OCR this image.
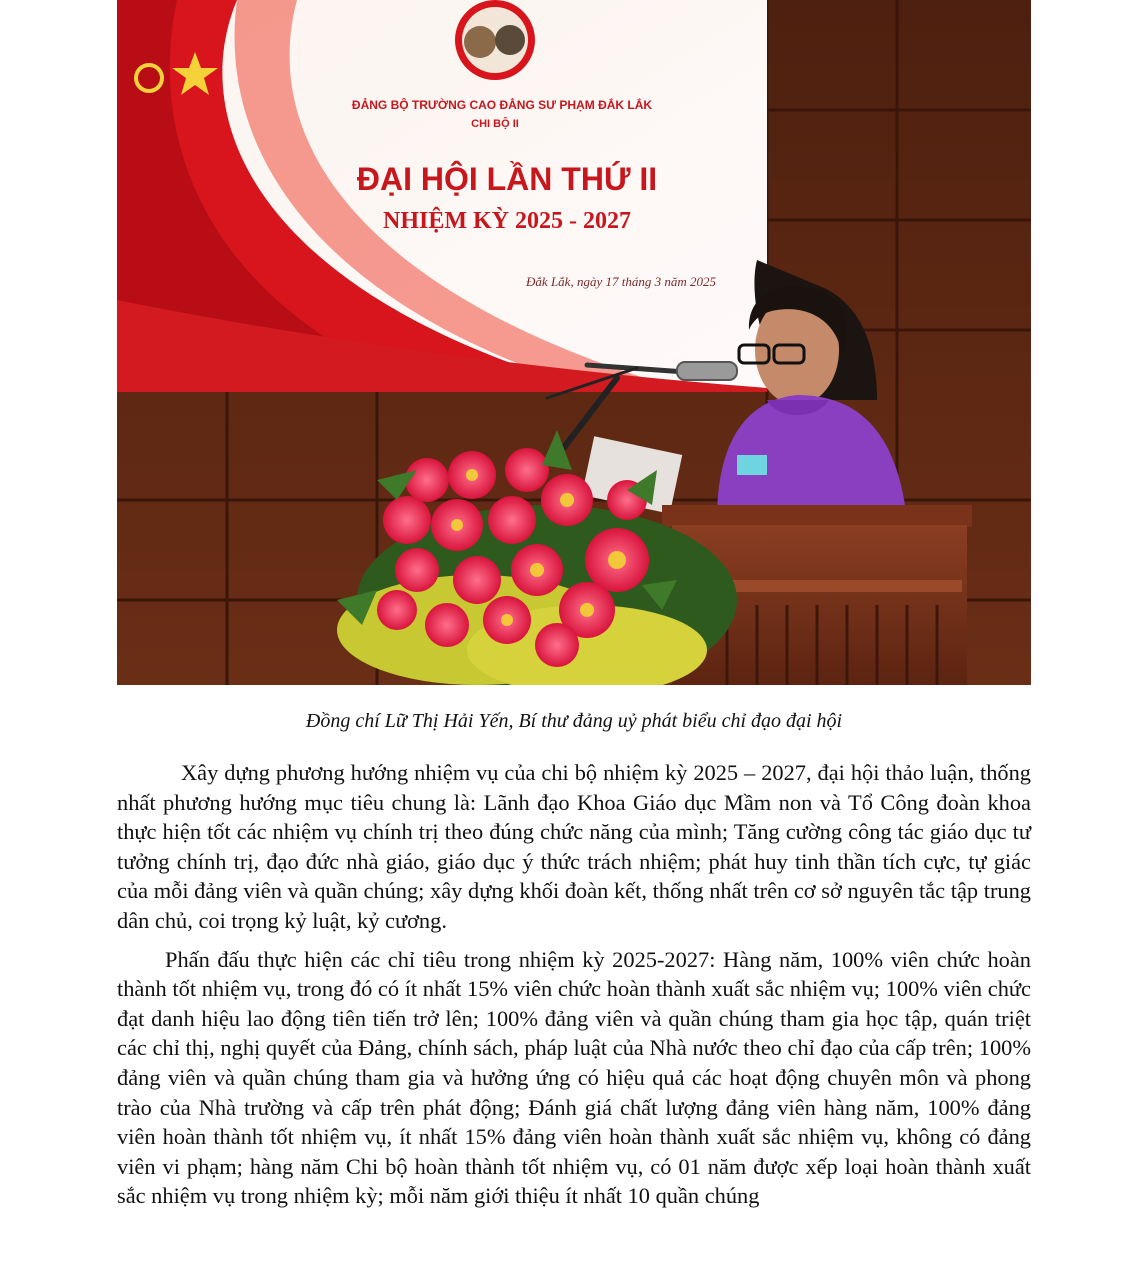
ĐẢNG BỘ TRƯỜNG CAO ĐẲNG SƯ PHẠM ĐẮK LẮK
CHI BỘ II
ĐẠI HỘI LẦN THỨ II
NHIỆM KỲ 2025 - 2027
Đắk Lắk, ngày 17 tháng 3 năm 2025
Đồng chí Lữ Thị Hải Yến, Bí thư đảng uỷ phát biểu chỉ đạo đại hội

Xây dựng phương hướng nhiệm vụ của chi bộ nhiệm kỳ 2025 – 2027, đại hội thảo luận, thống nhất phương hướng mục tiêu chung là: Lãnh đạo Khoa Giáo dục Mầm non và Tổ Công đoàn khoa thực hiện tốt các nhiệm vụ chính trị theo đúng chức năng của mình; Tăng cường công tác giáo dục tư tưởng chính trị, đạo đức nhà giáo, giáo dục ý thức trách nhiệm; phát huy tinh thần tích cực, tự giác của mỗi đảng viên và quần chúng; xây dựng khối đoàn kết, thống nhất trên cơ sở nguyên tắc tập trung dân chủ, coi trọng kỷ luật, kỷ cương.

Phấn đấu thực hiện các chỉ tiêu trong nhiệm kỳ 2025-2027: Hàng năm, 100% viên chức hoàn thành tốt nhiệm vụ, trong đó có ít nhất 15% viên chức hoàn thành xuất sắc nhiệm vụ; 100% viên chức đạt danh hiệu lao động tiên tiến trở lên; 100% đảng viên và quần chúng tham gia học tập, quán triệt các chỉ thị, nghị quyết của Đảng, chính sách, pháp luật của Nhà nước theo chỉ đạo của cấp trên; 100% đảng viên và quần chúng tham gia và hưởng ứng có hiệu quả các hoạt động chuyên môn và phong trào của Nhà trường và cấp trên phát động; Đánh giá chất lượng đảng viên hàng năm, 100% đảng viên hoàn thành tốt nhiệm vụ, ít nhất 15% đảng viên hoàn thành xuất sắc nhiệm vụ, không có đảng viên vi phạm; hàng năm Chi bộ hoàn thành tốt nhiệm vụ, có 01 năm được xếp loại hoàn thành xuất sắc nhiệm vụ trong nhiệm kỳ; mỗi năm giới thiệu ít nhất 10 quần chúng
